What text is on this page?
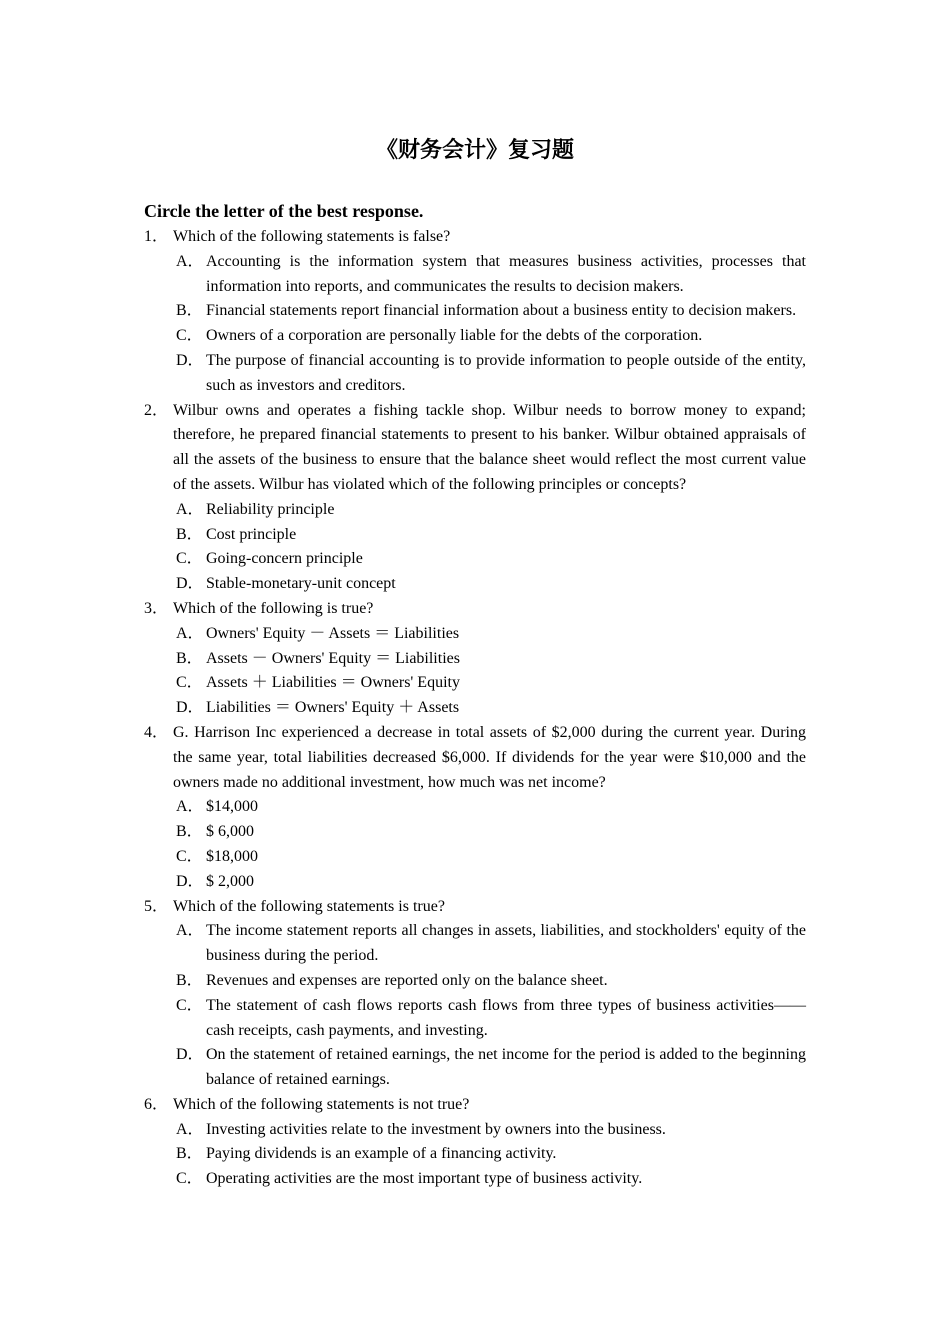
《财务会计》复习题
Circle the letter of the best response.
1． Which of the following statements is false?
A． Accounting is the information system that measures business activities, processes that information into reports, and communicates the results to decision makers.
B． Financial statements report financial information about a business entity to decision makers.
C． Owners of a corporation are personally liable for the debts of the corporation.
D． The purpose of financial accounting is to provide information to people outside of the entity, such as investors and creditors.
2． Wilbur owns and operates a fishing tackle shop. Wilbur needs to borrow money to expand; therefore, he prepared financial statements to present to his banker. Wilbur obtained appraisals of all the assets of the business to ensure that the balance sheet would reflect the most current value of the assets. Wilbur has violated which of the following principles or concepts?
A． Reliability principle
B． Cost principle
C． Going-concern principle
D． Stable-monetary-unit concept
3． Which of the following is true?
A． Owners' Equity － Assets ＝ Liabilities
B． Assets － Owners' Equity ＝ Liabilities
C． Assets ＋ Liabilities ＝ Owners' Equity
D． Liabilities ＝ Owners' Equity ＋ Assets
4． G. Harrison Inc experienced a decrease in total assets of $2,000 during the current year. During the same year, total liabilities decreased $6,000. If dividends for the year were $10,000 and the owners made no additional investment, how much was net income?
A． $14,000
B． $ 6,000
C． $18,000
D． $ 2,000
5． Which of the following statements is true?
A． The income statement reports all changes in assets, liabilities, and stockholders' equity of the business during the period.
B． Revenues and expenses are reported only on the balance sheet.
C． The statement of cash flows reports cash flows from three types of business activities——cash receipts, cash payments, and investing.
D． On the statement of retained earnings, the net income for the period is added to the beginning balance of retained earnings.
6． Which of the following statements is not true?
A． Investing activities relate to the investment by owners into the business.
B． Paying dividends is an example of a financing activity.
C． Operating activities are the most important type of business activity.
